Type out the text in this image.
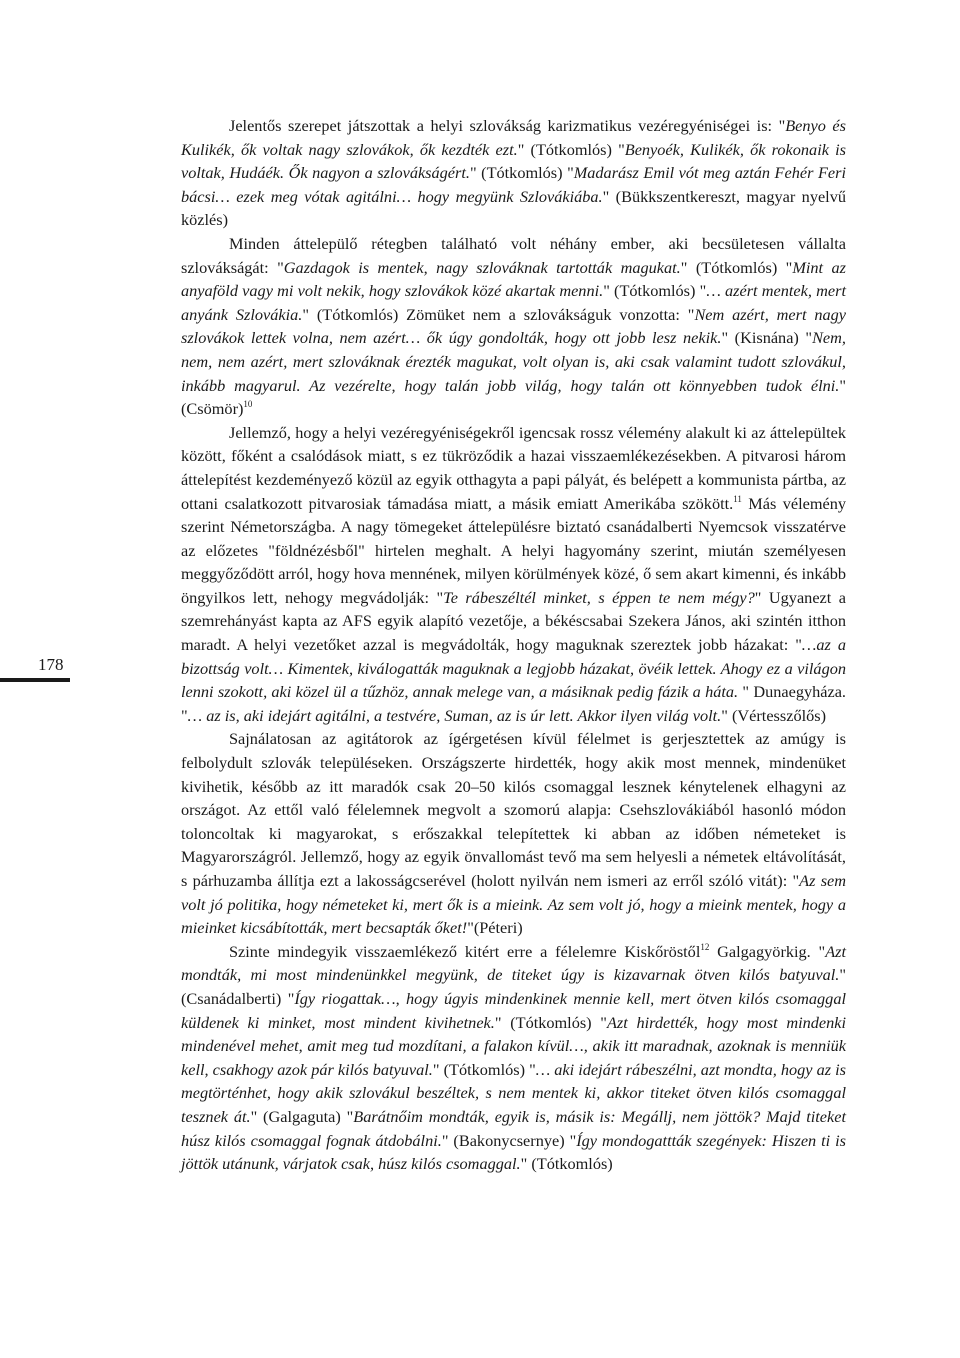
178

Jelentős szerepet játszottak a helyi szlovákság karizmatikus vezéregyéniségei is: "Benyo és Kulikék, ők voltak nagy szlovákok, ők kezdték ezt." (Tótkomlós) "Benyoék, Kulikék, ők rokonaik is voltak, Hudáék. Ők nagyon a szlovákságért." (Tótkomlós) "Madarász Emil vót meg aztán Fehér Feri bácsi… ezek meg vótak agitálni… hogy megyünk Szlovákiába." (Bükkszentkereszt, magyar nyelvű közlés)

Minden áttelepülő rétegben található volt néhány ember, aki becsületesen vállalta szlovákságát: "Gazdagok is mentek, nagy szlováknak tartották magukat." (Tótkomlós) "Mint az anyaföld vagy mi volt nekik, hogy szlovákok közé akartak menni." (Tótkomlós) "… azért mentek, mert anyánk Szlovákia." (Tótkomlós) Zömüket nem a szlovákságuk vonzotta: "Nem azért, mert nagy szlovákok lettek volna, nem azért… ők úgy gondolták, hogy ott jobb lesz nekik." (Kisnána) "Nem, nem, nem azért, mert szlováknak érezték magukat, volt olyan is, aki csak valamint tudott szlovákul, inkább magyarul. Az vezérelte, hogy talán jobb világ, hogy talán ott könnyebben tudok élni." (Csömör)$^{10}$

Jellemző, hogy a helyi vezéregyéniségekről igencsak rossz vélemény alakult ki az áttelepültek között, főként a csalódások miatt, s ez tükröződik a hazai visszaemlékezésekben. A pitvarosi három áttelepítést kezdeményező közül az egyik otthagyta a papi pályát, és belépett a kommunista pártba, az ottani csalatkozott pitvarosiak támadása miatt, a másik emiatt Amerikába szökött.$^{11}$ Más vélemény szerint Németországba. A nagy tömegeket áttelepülésre biztató csanádalberti Nyemcsok visszatérve az előzetes "földnézésből" hirtelen meghalt. A helyi hagyomány szerint, miután személyesen meggyőződött arról, hogy hova mennének, milyen körülmények közé, ő sem akart kimenni, és inkább öngyilkos lett, nehogy megvádolják: "Te rábeszéltél minket, s éppen te nem mégy?" Ugyanezt a szemrehányást kapta az AFS egyik alapító vezetője, a békéscsabai Szekera János, aki szintén itthon maradt. A helyi vezetőket azzal is megvádolták, hogy maguknak szereztek jobb házakat: "…az a bizottság volt… Kimentek, kiválogatták maguknak a legjobb házakat, övéik lettek. Ahogy ez a világon lenni szokott, aki közel ül a tűzhöz, annak melege van, a másiknak pedig fázik a háta. " Dunaegyháza. "… az is, aki idejárt agitálni, a testvére, Suman, az is úr lett. Akkor ilyen világ volt." (Vértesszőlős)

Sajnálatosan az agitátorok az ígérgetésen kívül félelmet is gerjesztettek az amúgy is felbolydult szlovák településeken. Országszerte hirdették, hogy akik most mennek, mindenüket kivihetik, később az itt maradók csak 20–50 kilós csomaggal lesznek kénytelenek elhagyni az országot. Az ettől való félelemnek megvolt a szomorú alapja: Csehszlovákiából hasonló módon toloncoltak ki magyarokat, s erőszakkal telepítettek ki abban az időben németeket is Magyarországról. Jellemző, hogy az egyik önvallomást tevő ma sem helyesli a németek eltávolítását, s párhuzamba állítja ezt a lakosságcserével (holott nyilván nem ismeri az erről szóló vitát): "Az sem volt jó politika, hogy németeket ki, mert ők is a mieink. Az sem volt jó, hogy a mieink mentek, hogy a mieinket kicsábították, mert becsapták őket!"(Péteri)

Szinte mindegyik visszaemlékező kitért erre a félelemre Kiskőröstől$^{12}$ Galgagyörkig. "Azt mondták, mi most mindenünkkel megyünk, de titeket úgy is kizavarnak ötven kilós batyuval." (Csanádalberti) "Így riogattak…, hogy úgyis mindenkinek mennie kell, mert ötven kilós csomaggal küldenek ki minket, most mindent kivihetnek." (Tótkomlós) "Azt hirdették, hogy most mindenki mindenével mehet, amit meg tud mozdítani, a falakon kívül…, akik itt maradnak, azoknak is menniük kell, csakhogy azok pár kilós batyuval." (Tótkomlós) "… aki idejárt rábeszélni, azt mondta, hogy az is megtörténhet, hogy akik szlovákul beszéltek, s nem mentek ki, akkor titeket ötven kilós csomaggal tesznek át." (Galgaguta) "Barátnőim mondták, egyik is, másik is: Megállj, nem jöttök? Majd titeket húsz kilós csomaggal fognak átdobálni." (Bakonycsernye) "Így mondogattták szegények: Hiszen ti is jöttök utánunk, várjatok csak, húsz kilós csomaggal." (Tótkomlós)
